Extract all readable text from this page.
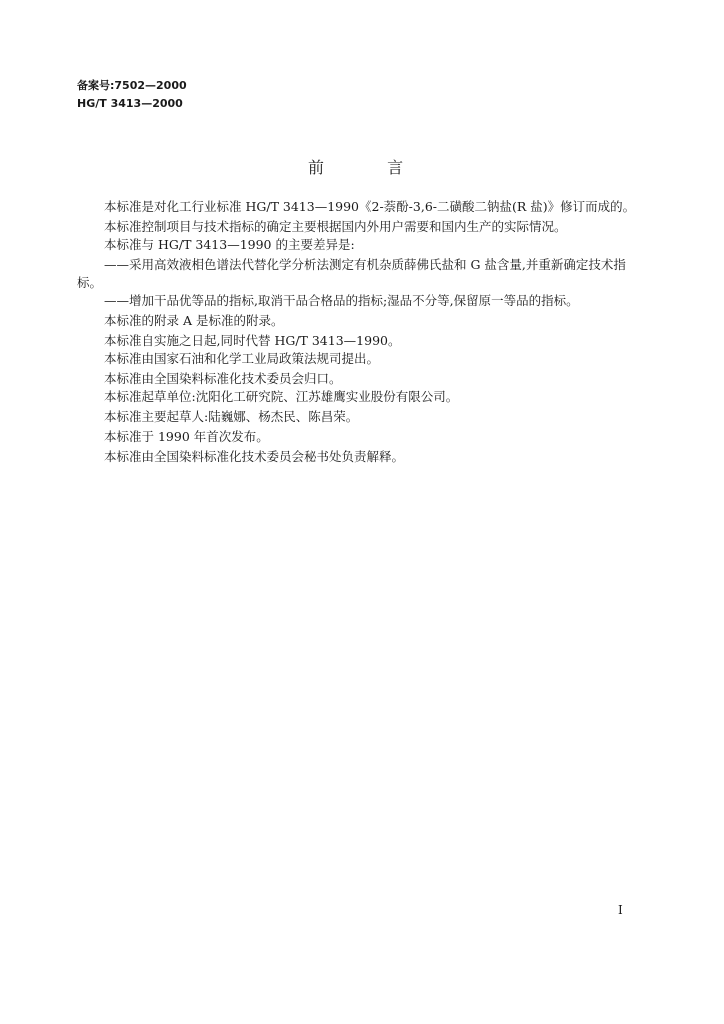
备案号:7502—2000
HG/T 3413—2000
前 言
本标准是对化工行业标准 HG/T 3413—1990《2-萘酚-3,6-二磺酸二钠盐(R 盐)》修订而成的。
本标准控制项目与技术指标的确定主要根据国内外用户需要和国内生产的实际情况。
本标准与 HG/T 3413—1990 的主要差异是:
——采用高效液相色谱法代替化学分析法测定有机杂质薛佛氏盐和 G 盐含量,并重新确定技术指
标。
——增加干品优等品的指标,取消干品合格品的指标;湿品不分等,保留原一等品的指标。
本标准的附录 A 是标准的附录。
本标准自实施之日起,同时代替 HG/T 3413—1990。
本标准由国家石油和化学工业局政策法规司提出。
本标准由全国染料标准化技术委员会归口。
本标准起草单位:沈阳化工研究院、江苏雄鹰实业股份有限公司。
本标准主要起草人:陆巍娜、杨杰民、陈昌荣。
本标准于 1990 年首次发布。
本标准由全国染料标准化技术委员会秘书处负责解释。
I
